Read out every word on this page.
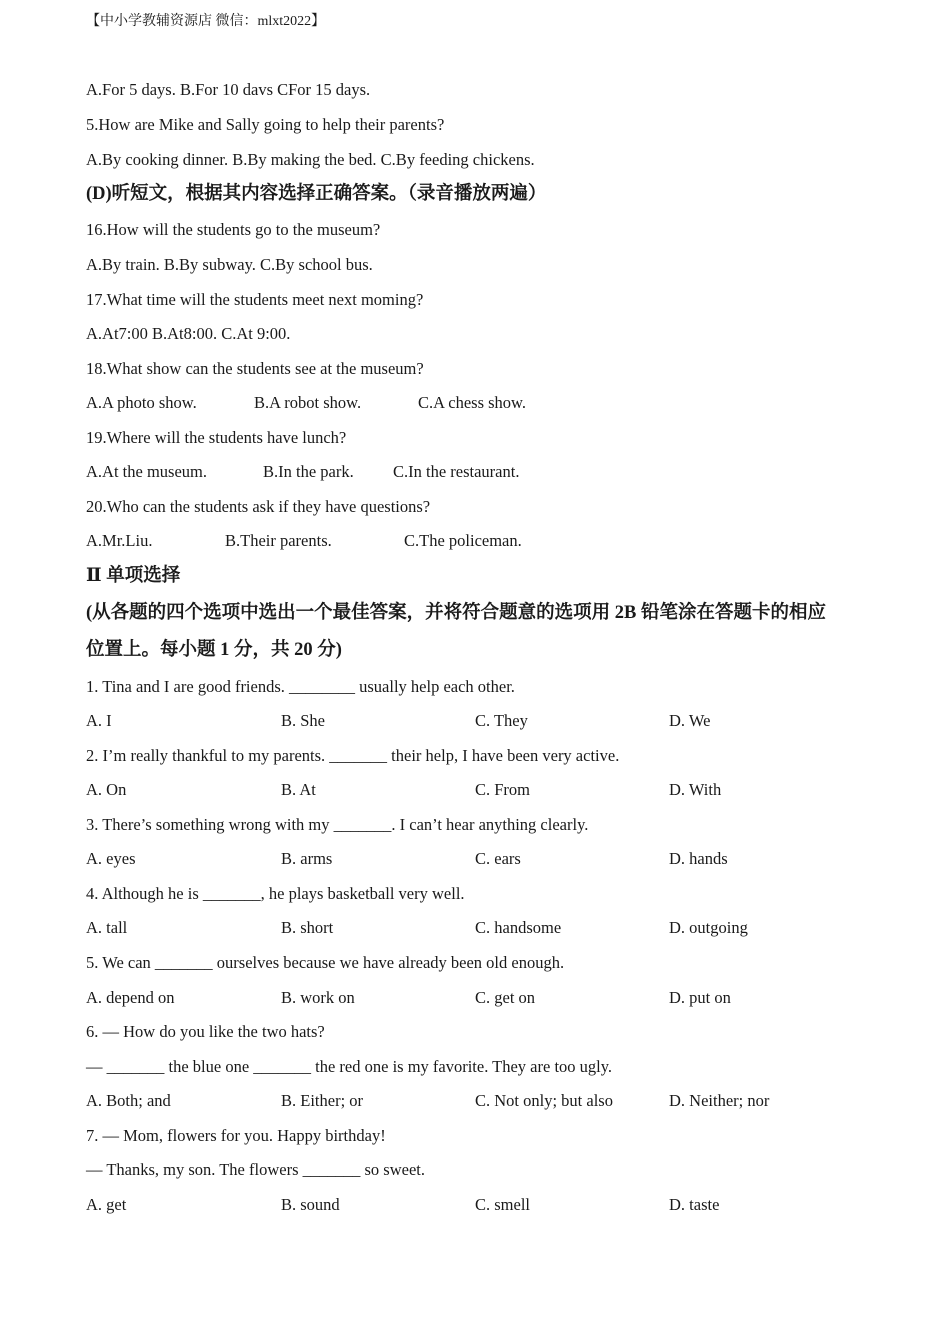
【中小学教辅资源店 微信：mlxt2022】
A.For 5 days. B.For 10 davs CFor 15 days.
5.How are Mike and Sally going to help their parents?
A.By cooking dinner. B.By making the bed. C.By feeding chickens.
(D)听短文，根据其内容选择正确答案。（录音播放两遍）
16.How will the students go to the museum?
A.By train. B.By subway. C.By school bus.
17.What time will the students meet next moming?
A.At7:00 B.At8:00. C.At 9:00.
18.What show can the students see at the museum?
A.A photo show.	B.A robot show.	C.A chess show.
19.Where will the students have lunch?
A.At the museum.	B.In the park. C.In the restaurant.
20.Who can the students ask if they have questions?
A.Mr.Liu.	B.Their parents.	C.The policeman.
Ⅱ 单项选择
(从各题的四个选项中选出一个最佳答案，并将符合题意的选项用 2B 铅笔涂在答题卡的相应
位置上。每小题 1 分，共 20 分)
1. Tina and I are good friends. ________ usually help each other.
A. I	B. She	C. They	D. We
2. I’m really thankful to my parents. _______ their help, I have been very active.
A. On	B. At	C. From	D. With
3. There’s something wrong with my _______. I can’t hear anything clearly.
A. eyes	B. arms	C. ears	D. hands
4. Although he is _______, he plays basketball very well.
A. tall	B. short	C. handsome	D. outgoing
5. We can _______ ourselves because we have already been old enough.
A. depend on	B. work on	C. get on	D. put on
6. — How do you like the two hats?
— _______ the blue one _______ the red one is my favorite. They are too ugly.
A. Both; and	B. Either; or	C. Not only; but also	D. Neither; nor
7. — Mom, flowers for you. Happy birthday!
— Thanks, my son. The flowers _______ so sweet.
A. get	B. sound	C. smell	D. taste
